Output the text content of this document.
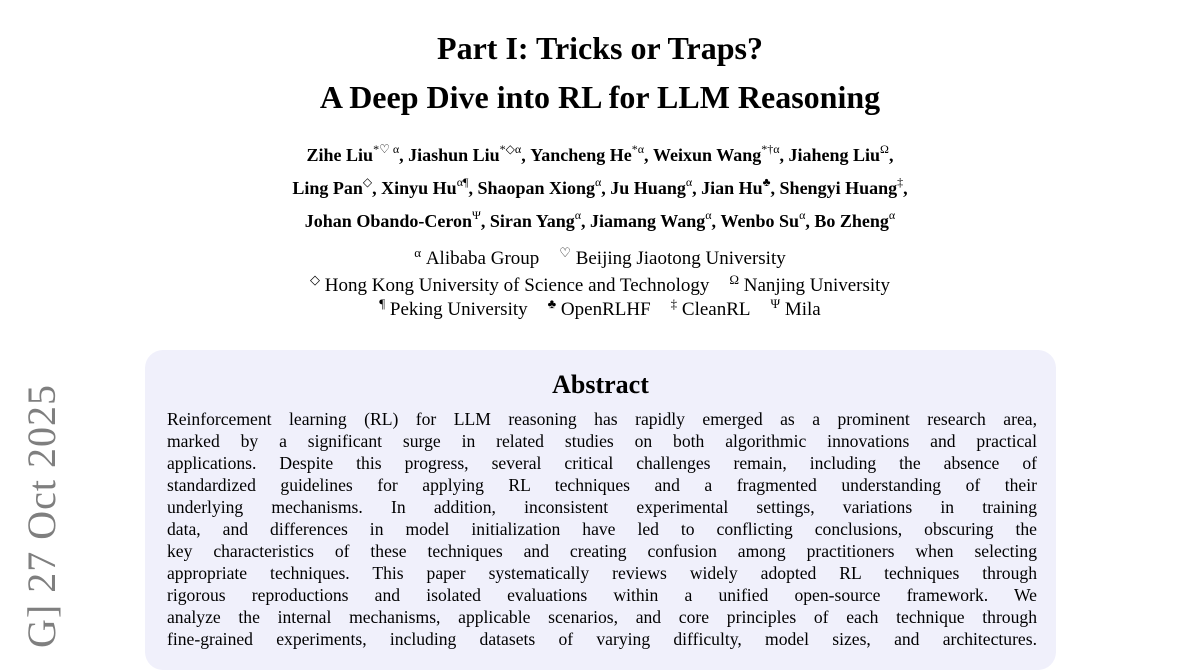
G] 27 Oct 2025
Part I: Tricks or Traps?
A Deep Dive into RL for LLM Reasoning
Zihe Liu$^{*♡ \alpha}$, Jiashun Liu$^{*◇\alpha}$, Yancheng $He^{*\alpha}$, Weixun Wang$^{*\dagger\alpha}$, Jiaheng Liu$^\Omega$,
Ling Pan◇, Xinyu $Hu^{\alpha\P}$, Shaopan Xiong$^\alpha$, Ju Huang$^\alpha$, Jian Hu♣, Shengyi Huang‡,
Johan Obando-Ceron$^\Psi$, Siran Yang$^\alpha$, Jiamang Wang$^\alpha$, Wenbo $Su^\alpha$, Bo Zheng$^\alpha$
$^\alpha$ Alibaba Group ♡ Beijing Jiaotong University
◇ Hong Kong University of Science and Technology $^\Omega$ Nanjing University
¶ Peking University ♣ OpenRLHF ‡ CleanRL $^\Psi$ Mila
Abstract
Reinforcement learning (RL) for LLM reasoning has rapidly emerged as a prominent research area,
marked by a significant surge in related studies on both algorithmic innovations and practical
applications. Despite this progress, several critical challenges remain, including the absence of
standardized guidelines for applying RL techniques and a fragmented understanding of their
underlying mechanisms. In addition, inconsistent experimental settings, variations in training
data, and differences in model initialization have led to conflicting conclusions, obscuring the
key characteristics of these techniques and creating confusion among practitioners when selecting
appropriate techniques. This paper systematically reviews widely adopted RL techniques through
rigorous reproductions and isolated evaluations within a unified open-source framework. We
analyze the internal mechanisms, applicable scenarios, and core principles of each technique through
fine-grained experiments, including datasets of varying difficulty, model sizes, and architectures.
